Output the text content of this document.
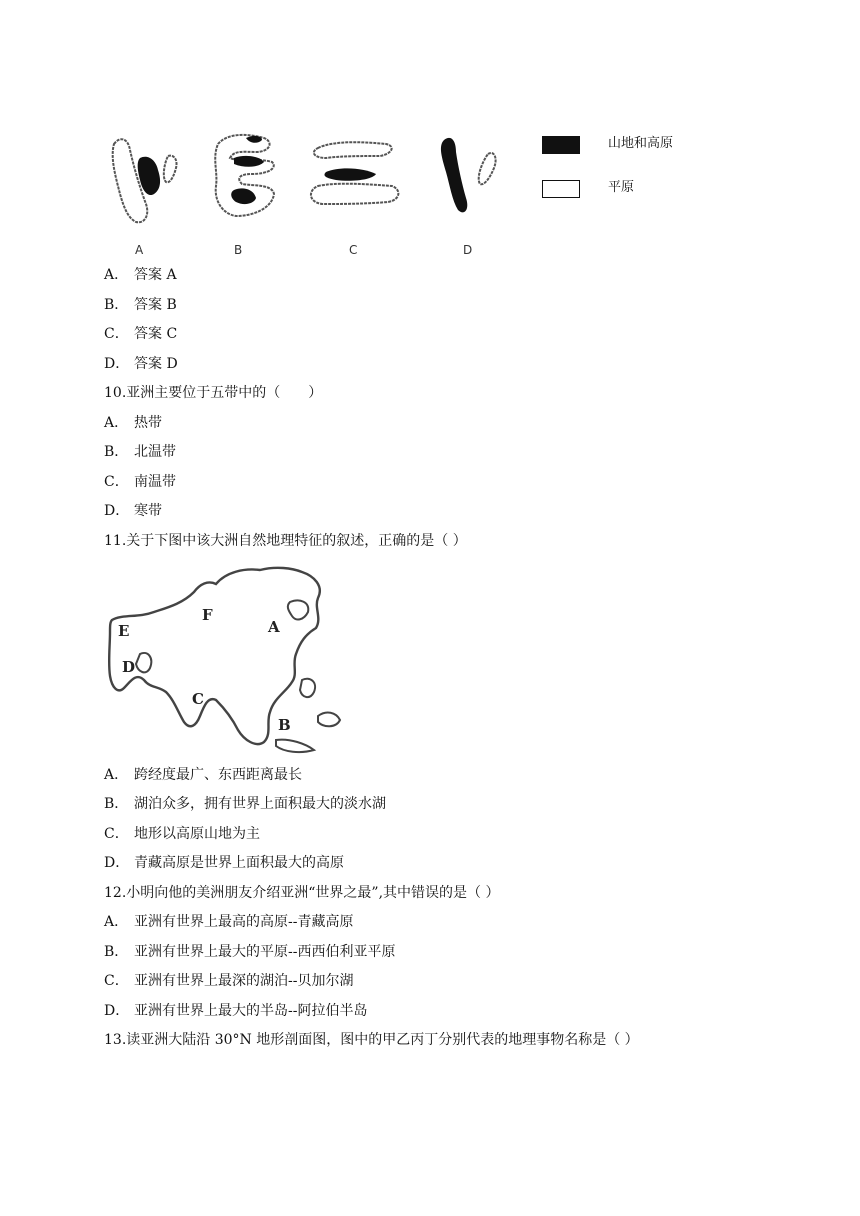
山地和高原
平原
A	B	C	D
A． 答案 A
B． 答案 B
C． 答案 C
D． 答案 D
10.亚洲主要位于五带中的（　　）
A． 热带
B． 北温带
C． 南温带
D． 寒带
11.关于下图中该大洲自然地理特征的叙述，正确的是（ ）
F
A
E
D
C
B
A． 跨经度最广、东西距离最长
B． 湖泊众多，拥有世界上面积最大的淡水湖
C． 地形以高原山地为主
D． 青藏高原是世界上面积最大的高原
12.小明向他的美洲朋友介绍亚洲“世界之最”,其中错误的是（ ）
A． 亚洲有世界上最高的高原--青藏高原
B． 亚洲有世界上最大的平原--西西伯利亚平原
C． 亚洲有世界上最深的湖泊--贝加尔湖
D． 亚洲有世界上最大的半岛--阿拉伯半岛
13.读亚洲大陆沿 30°N 地形剖面图，图中的甲乙丙丁分别代表的地理事物名称是（ ）
